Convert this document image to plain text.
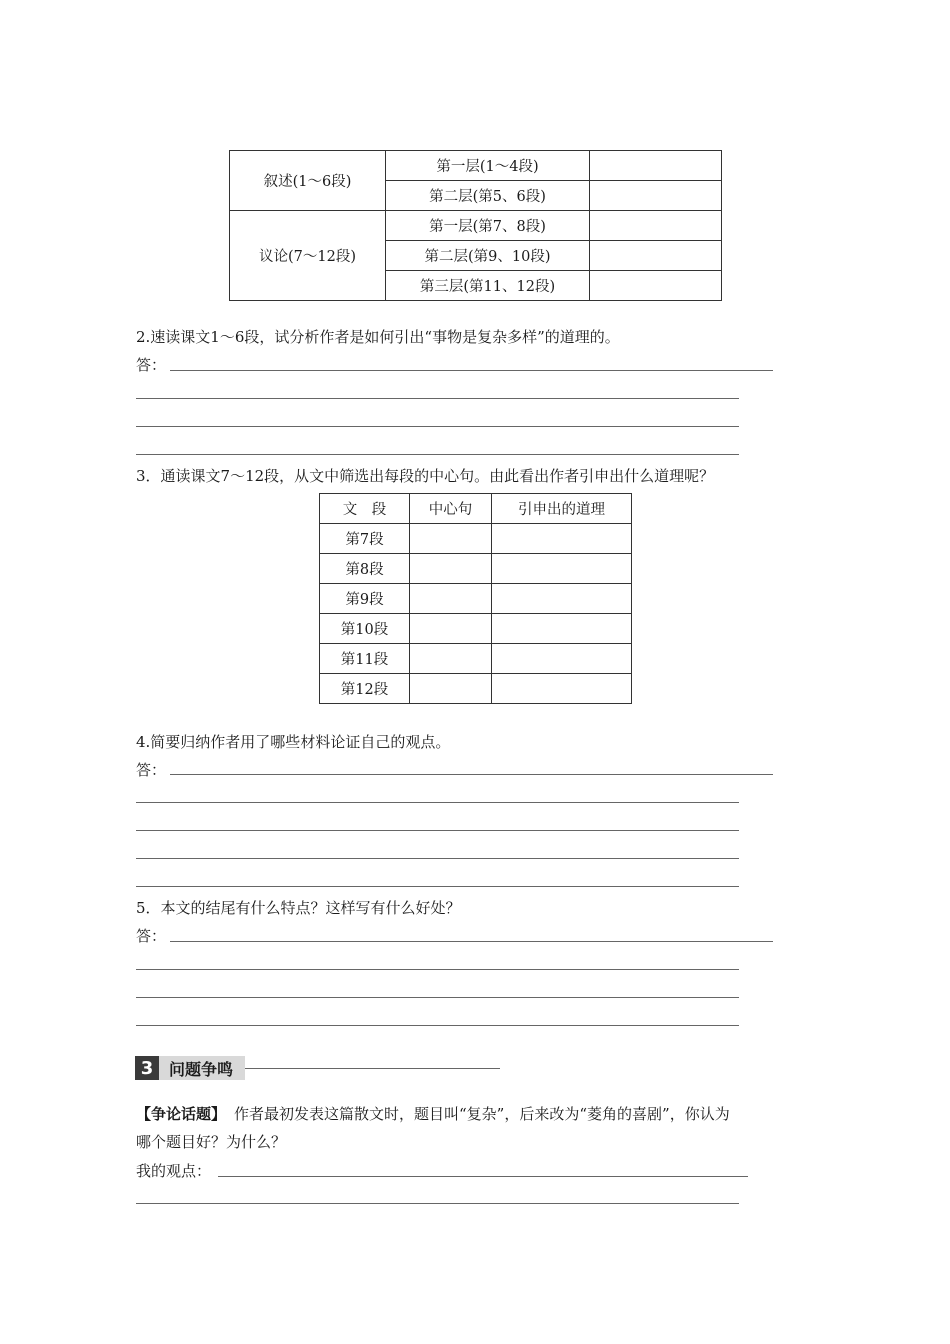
叙述(1～6段)	第一层(1～4段)	
	第二层(第5、6段)	
议论(7～12段)	第一层(第7、8段)	
	第二层(第9、10段)	
	第三层(第11、12段)	
2.速读课文1～6段，试分析作者是如何引出“事物是复杂多样”的道理的。
答：
3．通读课文7～12段，从文中筛选出每段的中心句。由此看出作者引申出什么道理呢？
文　段	中心句	引申出的道理
第7段		
第8段		
第9段		
第10段		
第11段		
第12段		
4.简要归纳作者用了哪些材料论证自己的观点。
答：
5．本文的结尾有什么特点？这样写有什么好处？
答：
3 问题争鸣
【争论话题】 作者最初发表这篇散文时，题目叫“复杂”，后来改为“菱角的喜剧”，你认为
哪个题目好？为什么？
我的观点：
